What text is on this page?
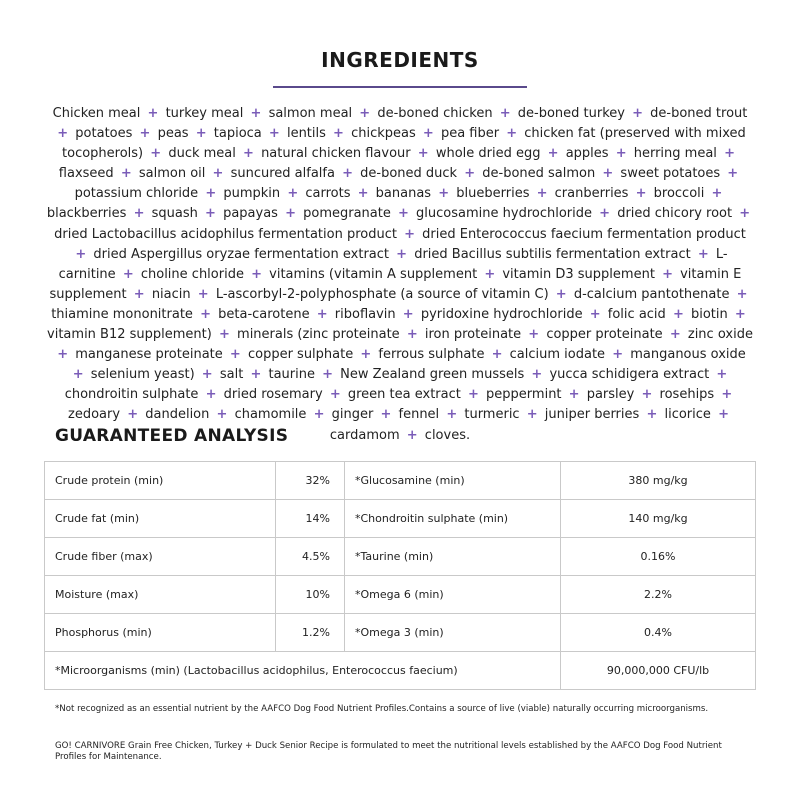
INGREDIENTS
Chicken meal + turkey meal + salmon meal + de-boned chicken + de-boned turkey + de-boned trout + potatoes + peas + tapioca + lentils + chickpeas + pea fiber + chicken fat (preserved with mixed tocopherols) + duck meal + natural chicken flavour + whole dried egg + apples + herring meal + flaxseed + salmon oil + suncured alfalfa + de-boned duck + de-boned salmon + sweet potatoes + potassium chloride + pumpkin + carrots + bananas + blueberries + cranberries + broccoli + blackberries + squash + papayas + pomegranate + glucosamine hydrochloride + dried chicory root + dried Lactobacillus acidophilus fermentation product + dried Enterococcus faecium fermentation product + dried Aspergillus oryzae fermentation extract + dried Bacillus subtilis fermentation extract + L-carnitine + choline chloride + vitamins (vitamin A supplement + vitamin D3 supplement + vitamin E supplement + niacin + L-ascorbyl-2-polyphosphate (a source of vitamin C) + d-calcium pantothenate + thiamine mononitrate + beta-carotene + riboflavin + pyridoxine hydrochloride + folic acid + biotin + vitamin B12 supplement) + minerals (zinc proteinate + iron proteinate + copper proteinate + zinc oxide + manganese proteinate + copper sulphate + ferrous sulphate + calcium iodate + manganous oxide + selenium yeast) + salt + taurine + New Zealand green mussels + yucca schidigera extract + chondroitin sulphate + dried rosemary + green tea extract + peppermint + parsley + rosehips + zedoary + dandelion + chamomile + ginger + fennel + turmeric + juniper berries + licorice + cardamom + cloves.
GUARANTEED ANALYSIS
Crude protein (min)	32%	*Glucosamine (min)	380 mg/kg
Crude fat (min)	14%	*Chondroitin sulphate (min)	140 mg/kg
Crude fiber (max)	4.5%	*Taurine (min)	0.16%
Moisture (max)	10%	*Omega 6 (min)	2.2%
Phosphorus (min)	1.2%	*Omega 3 (min)	0.4%
*Microorganisms (min) (Lactobacillus acidophilus, Enterococcus faecium)			90,000,000 CFU/lb
*Not recognized as an essential nutrient by the AAFCO Dog Food Nutrient Profiles.Contains a source of live (viable) naturally occurring microorganisms.
GO! CARNIVORE Grain Free Chicken, Turkey + Duck Senior Recipe is formulated to meet the nutritional levels established by the AAFCO Dog Food Nutrient Profiles for Maintenance.
